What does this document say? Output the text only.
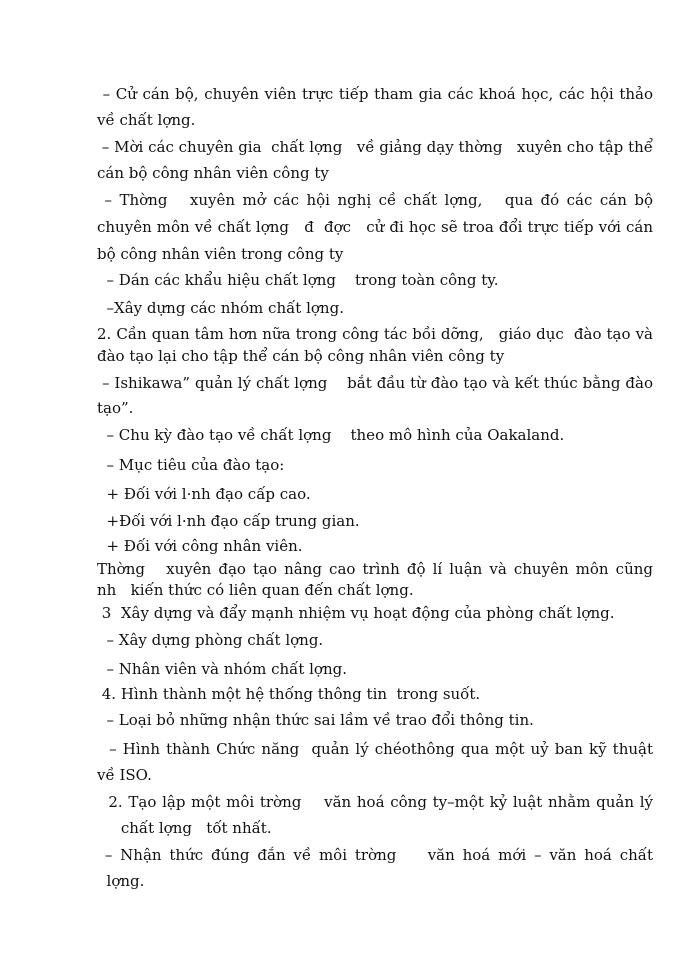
– Cử cán bộ, chuyên viên trực tiếp tham gia các khoá học, các hội thảo
về chất lợng.
– Mời các chuyên gia  chất lợng   về giảng dạy thờng   xuyên cho tập thể
cán bộ công nhân viên công ty
– Thờng   xuyên mở các hội nghị cề chất lợng,   qua đó các cán bộ
chuyên môn về chất lợng   đ  đợc   cử đi học sẽ troa đổi trực tiếp với cán
bộ công nhân viên trong công ty
– Dán các khẩu hiệu chất lợng    trong toàn công ty.
–Xây dựng các nhóm chất lợng.
2. Cần quan tâm hơn nữa trong công tác bồi dỡng,   giáo dục  đào tạo và
đào tạo lại cho tập thể cán bộ công nhân viên công ty
– Ishikawa” quản lý chất lợng    bắt đầu từ đào tạo và kết thúc bằng đào
tạo”.
– Chu kỳ đào tạo về chất lợng    theo mô hình của Oakaland.
– Mục tiêu của đào tạo:
+ Đối với l·nh đạo cấp cao.
+Đối với l·nh đạo cấp trung gian.
+ Đối với công nhân viên.
Thờng   xuyên đạo tạo nâng cao trình độ lí luận và chuyên môn cũng
nh   kiến thức có liên quan đến chất lợng.
3  Xây dựng và đẩy mạnh nhiệm vụ hoạt động của phòng chất lợng.
– Xây dựng phòng chất lợng.
– Nhân viên và nhóm chất lợng.
4. Hình thành một hệ thống thông tin  trong suốt.
– Loại bỏ những nhận thức sai lầm về trao đổi thông tin.
– Hình thành Chức năng  quản lý chéothông qua một uỷ ban kỹ thuật
về ISO.
2. Tạo lập một môi trờng    văn hoá công ty–một kỷ luật nhằm quản lý
chất lợng   tốt nhất.
– Nhận thức đúng đắn về môi trờng    văn hoá mới – văn hoá chất
lợng.
